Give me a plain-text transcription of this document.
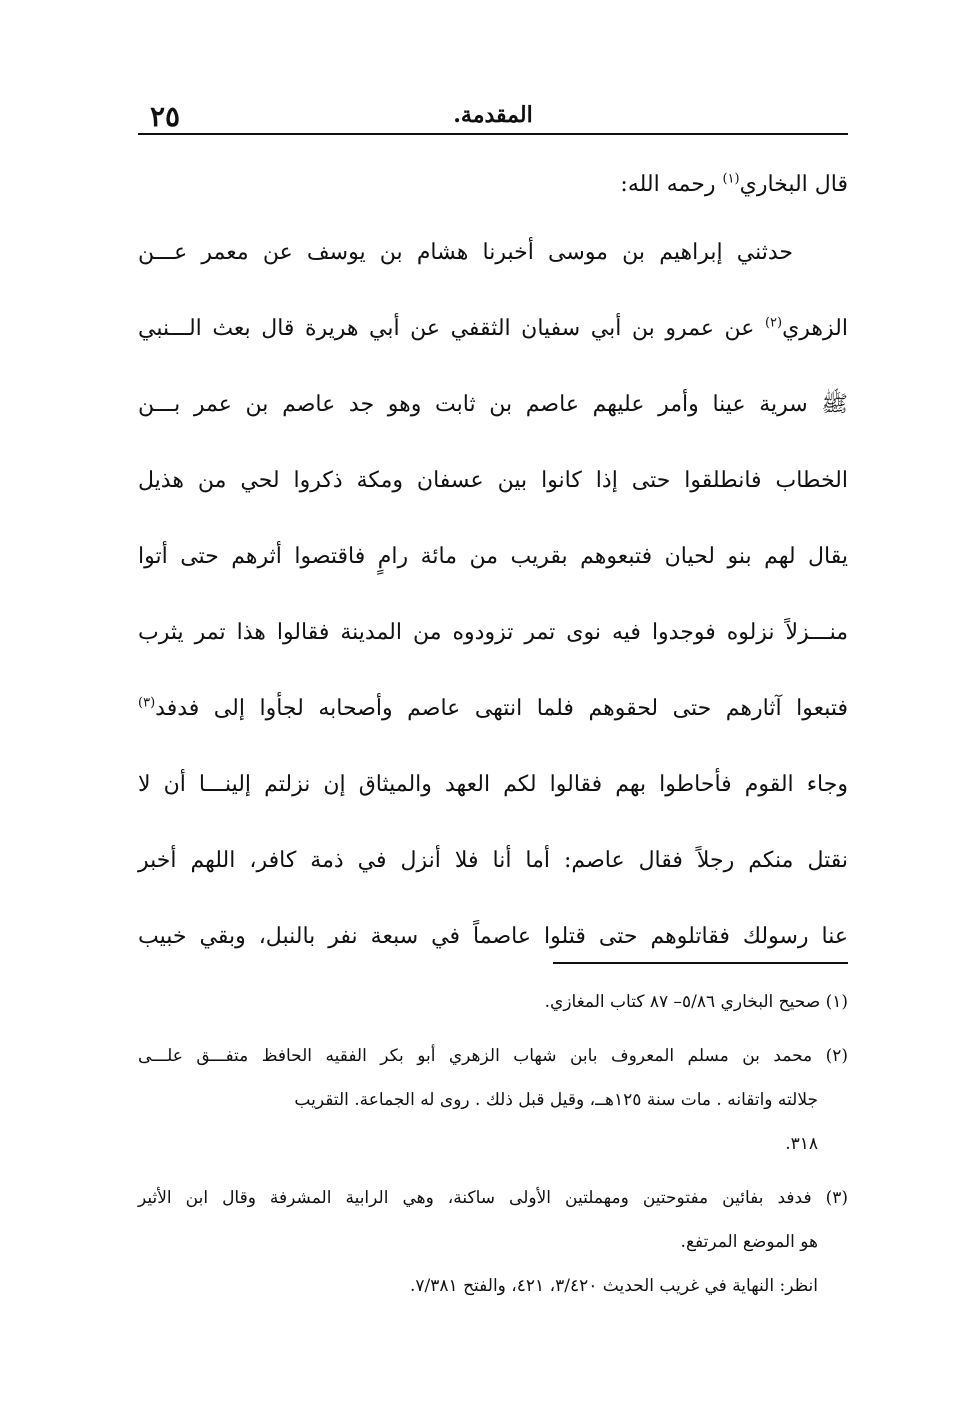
٢٥	المقدمة.
قال البخاري$^{(١)}$ رحمه الله:
حدثني إبراهيم بن موسى أخبرنا هشام بن يوسف عن معمر عـــن
الزهري$^{(٢)}$ عن عمرو بن أبي سفيان الثقفي عن أبي هريرة قال بعث الـــنبي
ﷺ سرية عينا وأمر عليهم عاصم بن ثابت وهو جد عاصم بن عمر بـــن
الخطاب فانطلقوا حتى إذا كانوا بين عسفان ومكة ذكروا لحي من هذيل
يقال لهم بنو لحيان فتبعوهم بقريب من مائة رامٍ فاقتصوا أثرهم حتى أتوا
منـــزلاً نزلوه فوجدوا فيه نوى تمر تزودوه من المدينة فقالوا هذا تمر يثرب
فتبعوا آثارهم حتى لحقوهم فلما انتهى عاصم وأصحابه لجأوا إلى فدفد$^{(٣)}$
وجاء القوم فأحاطوا بهم فقالوا لكم العهد والميثاق إن نزلتم إلينـــا أن لا
نقتل منكم رجلاً فقال عاصم: أما أنا فلا أنزل في ذمة كافر، اللهم أخبر
عنا رسولك فقاتلوهم حتى قتلوا عاصماً في سبعة نفر بالنبل، وبقي خبيب
(١) صحيح البخاري ٥/٨٦– ٨٧ كتاب المغازي.
(٢) محمد بن مسلم المعروف بابن شهاب الزهري أبو بكر الفقيه الحافظ متفـــق علـــى
جلالته واتقانه . مات سنة ١٢٥هــ، وقيل قبل ذلك . روى له الجماعة. التقريب
٣١٨.
(٣) فدفد بفائين مفتوحتين ومهملتين الأولى ساكنة، وهي الرابية المشرفة وقال ابن الأثير
هو الموضع المرتفع.
انظر: النهاية في غريب الحديث ٣/٤٢٠، ٤٢١، والفتح ٧/٣٨١.
